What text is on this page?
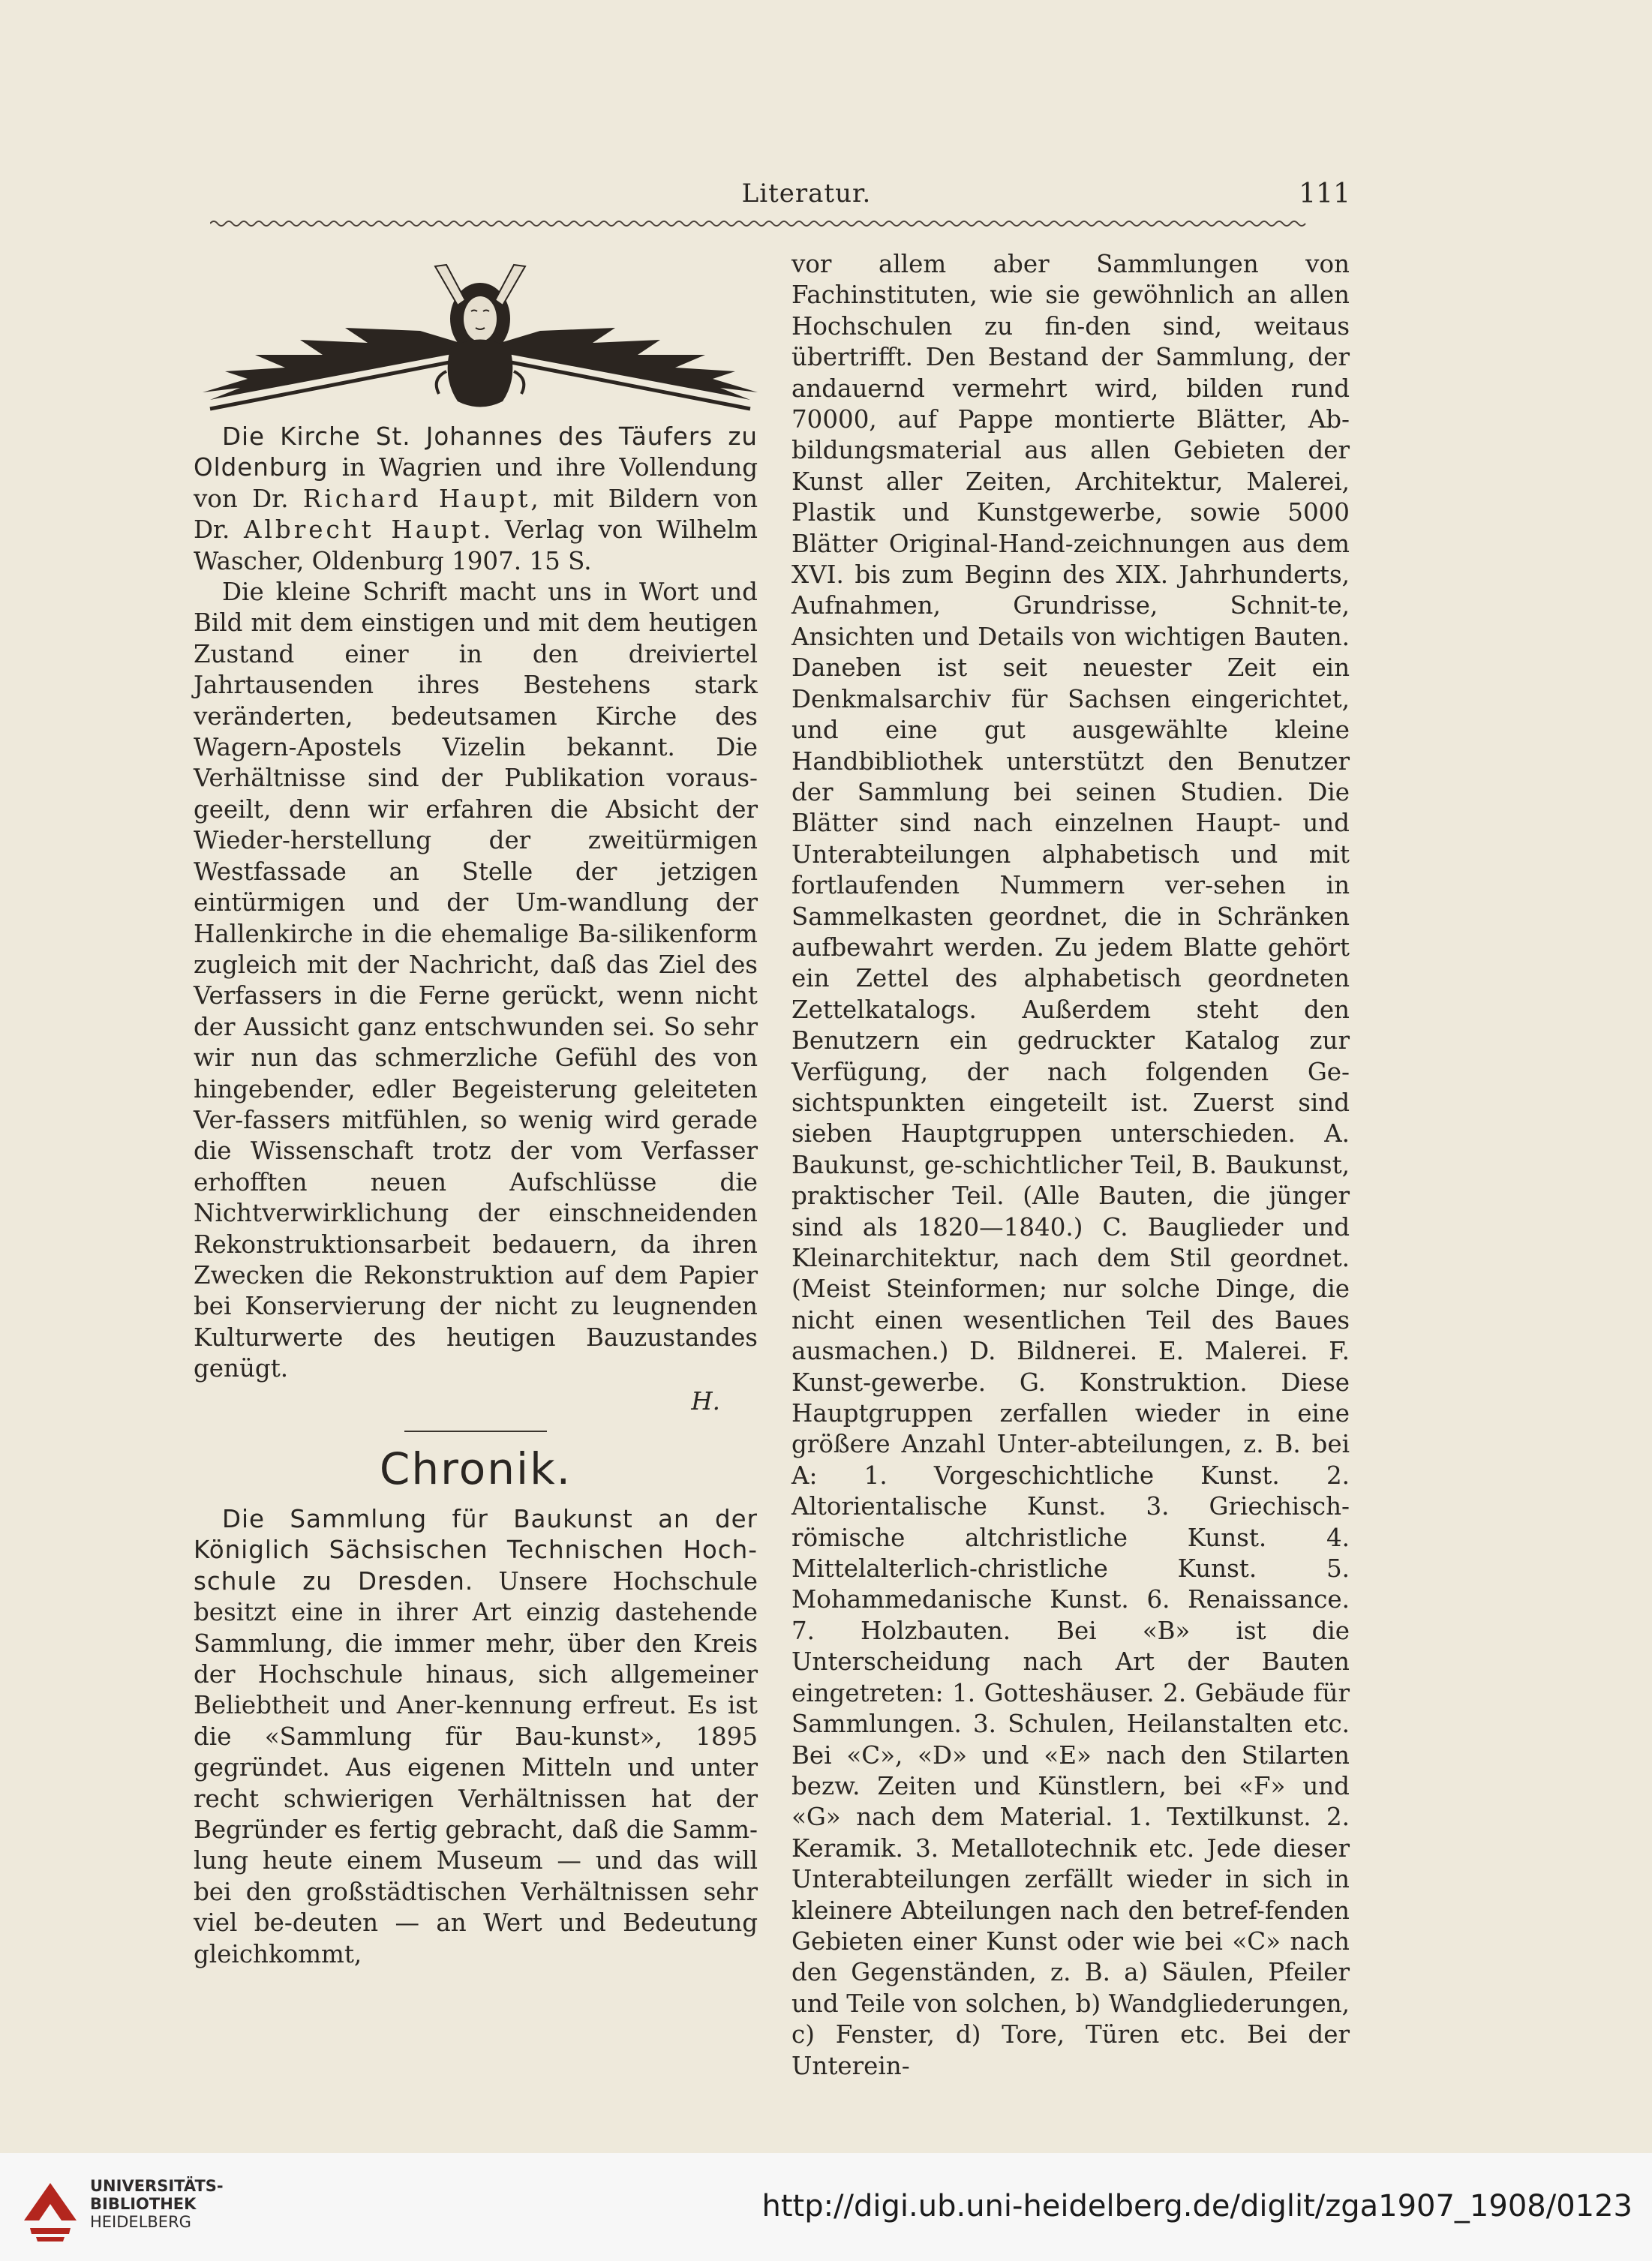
Literatur.	111

Die Kirche St. Johannes des Täufers zu Oldenburg in Wagrien und ihre Vollendung von Dr. Richard Haupt, mit Bildern von Dr. Albrecht Haupt. Verlag von Wilhelm Wascher, Oldenburg 1907. 15 S.

Die kleine Schrift macht uns in Wort und Bild mit dem einstigen und mit dem heutigen Zustand einer in den dreiviertel Jahrtausenden ihres Bestehens stark veränderten, bedeutsamen Kirche des Wagern-Apostels Vizelin bekannt. Die Verhältnisse sind der Publikation voraus-geeilt, denn wir erfahren die Absicht der Wieder-herstellung der zweitürmigen Westfassade an Stelle der jetzigen eintürmigen und der Um-wandlung der Hallenkirche in die ehemalige Ba-silikenform zugleich mit der Nachricht, daß das Ziel des Verfassers in die Ferne gerückt, wenn nicht der Aussicht ganz entschwunden sei. So sehr wir nun das schmerzliche Gefühl des von hingebender, edler Begeisterung geleiteten Ver-fassers mitfühlen, so wenig wird gerade die Wissenschaft trotz der vom Verfasser erhofften neuen Aufschlüsse die Nichtverwirklichung der einschneidenden Rekonstruktionsarbeit bedauern, da ihren Zwecken die Rekonstruktion auf dem Papier bei Konservierung der nicht zu leugnenden Kulturwerte des heutigen Bauzustandes genügt.

H.
Chronik.

Die Sammlung für Baukunst an der Königlich Sächsischen Technischen Hoch-schule zu Dresden. Unsere Hochschule besitzt eine in ihrer Art einzig dastehende Sammlung, die immer mehr, über den Kreis der Hochschule hinaus, sich allgemeiner Beliebtheit und Aner-kennung erfreut. Es ist die «Sammlung für Bau-kunst», 1895 gegründet. Aus eigenen Mitteln und unter recht schwierigen Verhältnissen hat der Begründer es fertig gebracht, daß die Samm-lung heute einem Museum — und das will bei den großstädtischen Verhältnissen sehr viel be-deuten — an Wert und Bedeutung gleichkommt,

vor allem aber Sammlungen von Fachinstituten, wie sie gewöhnlich an allen Hochschulen zu fin-den sind, weitaus übertrifft. Den Bestand der Sammlung, der andauernd vermehrt wird, bilden rund 70000, auf Pappe montierte Blätter, Ab-bildungsmaterial aus allen Gebieten der Kunst aller Zeiten, Architektur, Malerei, Plastik und Kunstgewerbe, sowie 5000 Blätter Original-Hand-zeichnungen aus dem XVI. bis zum Beginn des XIX. Jahrhunderts, Aufnahmen, Grundrisse, Schnit-te, Ansichten und Details von wichtigen Bauten. Daneben ist seit neuester Zeit ein Denkmalsarchiv für Sachsen eingerichtet, und eine gut ausgewählte kleine Handbibliothek unterstützt den Benutzer der Sammlung bei seinen Studien. Die Blätter sind nach einzelnen Haupt- und Unterabteilungen alphabetisch und mit fortlaufenden Nummern ver-sehen in Sammelkasten geordnet, die in Schränken aufbewahrt werden. Zu jedem Blatte gehört ein Zettel des alphabetisch geordneten Zettelkatalogs. Außerdem steht den Benutzern ein gedruckter Katalog zur Verfügung, der nach folgenden Ge-sichtspunkten eingeteilt ist. Zuerst sind sieben Hauptgruppen unterschieden. A. Baukunst, ge-schichtlicher Teil, B. Baukunst, praktischer Teil. (Alle Bauten, die jünger sind als 1820—1840.) C. Bauglieder und Kleinarchitektur, nach dem Stil geordnet. (Meist Steinformen; nur solche Dinge, die nicht einen wesentlichen Teil des Baues ausmachen.) D. Bildnerei. E. Malerei. F. Kunst-gewerbe. G. Konstruktion. Diese Hauptgruppen zerfallen wieder in eine größere Anzahl Unter-abteilungen, z. B. bei A: 1. Vorgeschichtliche Kunst. 2. Altorientalische Kunst. 3. Griechisch-römische altchristliche Kunst. 4. Mittelalterlich-christliche Kunst. 5. Mohammedanische Kunst. 6. Renaissance. 7. Holzbauten. Bei «B» ist die Unterscheidung nach Art der Bauten eingetreten: 1. Gotteshäuser. 2. Gebäude für Sammlungen. 3. Schulen, Heilanstalten etc. Bei «C», «D» und «E» nach den Stilarten bezw. Zeiten und Künstlern, bei «F» und «G» nach dem Material. 1. Textilkunst. 2. Keramik. 3. Metallotechnik etc. Jede dieser Unterabteilungen zerfällt wieder in sich in kleinere Abteilungen nach den betref-fenden Gebieten einer Kunst oder wie bei «C» nach den Gegenständen, z. B. a) Säulen, Pfeiler und Teile von solchen, b) Wandgliederungen, c) Fenster, d) Tore, Türen etc. Bei der Unterein-

UNIVERSITÄTS-
BIBLIOTHEK
HEIDELBERG	http://digi.ub.uni-heidelberg.de/diglit/zga1907_1908/0123
